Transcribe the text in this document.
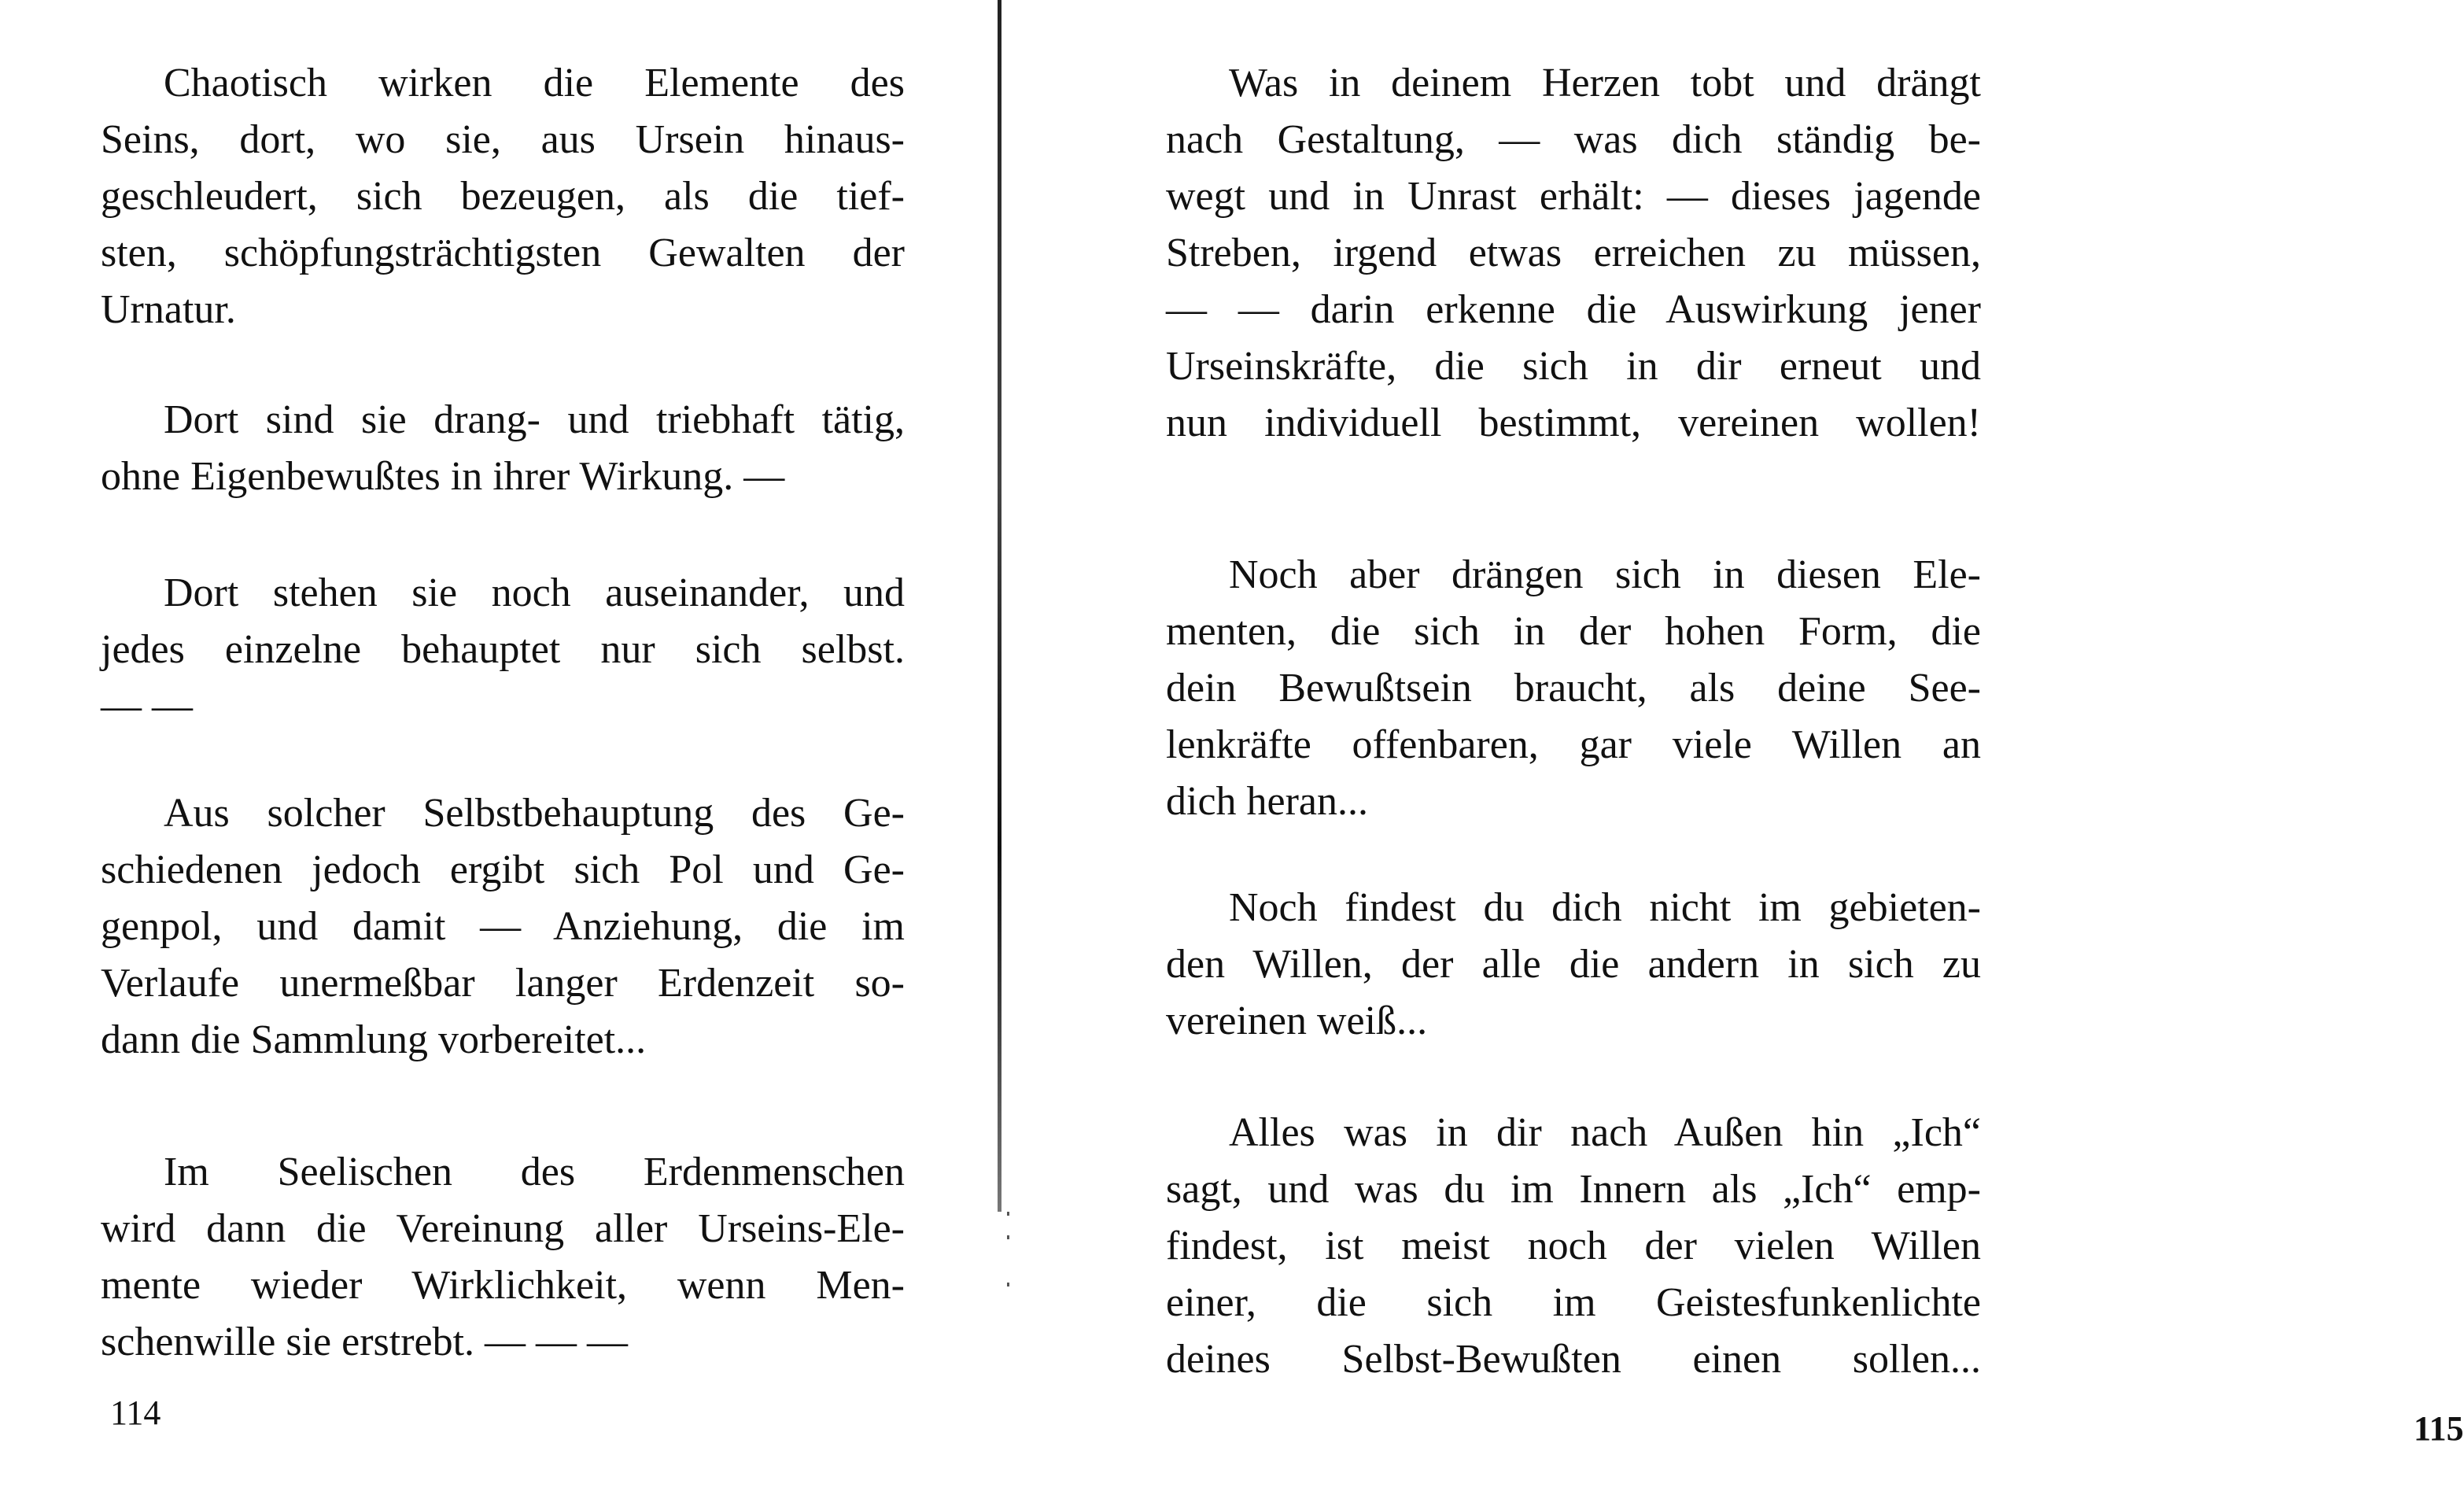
Chaotisch wirken die Elemente des
Seins, dort, wo sie, aus Ursein hinaus-
geschleudert, sich bezeugen, als die tief-
sten, schöpfungsträchtigsten Gewalten der
Urnatur.
Dort sind sie drang- und triebhaft tätig,
ohne Eigenbewußtes in ihrer Wirkung. —
Dort stehen sie noch auseinander, und
jedes einzelne behauptet nur sich selbst.
— —
Aus solcher Selbstbehauptung des Ge-
schiedenen jedoch ergibt sich Pol und Ge-
genpol, und damit — Anziehung, die im
Verlaufe unermeßbar langer Erdenzeit so-
dann die Sammlung vorbereitet...
Im Seelischen des Erdenmenschen
wird dann die Vereinung aller Urseins-Ele-
mente wieder Wirklichkeit, wenn Men-
schenwille sie erstrebt. — — —
114
Was in deinem Herzen tobt und drängt
nach Gestaltung, — was dich ständig be-
wegt und in Unrast erhält: — dieses jagende
Streben, irgend etwas erreichen zu müssen,
— — darin erkenne die Auswirkung jener
Urseinskräfte, die sich in dir erneut und
nun individuell bestimmt, vereinen wollen!
Noch aber drängen sich in diesen Ele-
menten, die sich in der hohen Form, die
dein Bewußtsein braucht, als deine See-
lenkräfte offenbaren, gar viele Willen an
dich heran...
Noch findest du dich nicht im gebieten-
den Willen, der alle die andern in sich zu
vereinen weiß...
Alles was in dir nach Außen hin „Ich“
sagt, und was du im Innern als „Ich“ emp-
findest, ist meist noch der vielen Willen
einer, die sich im Geistesfunkenlichte
deines Selbst-Bewußten einen sollen...
115
